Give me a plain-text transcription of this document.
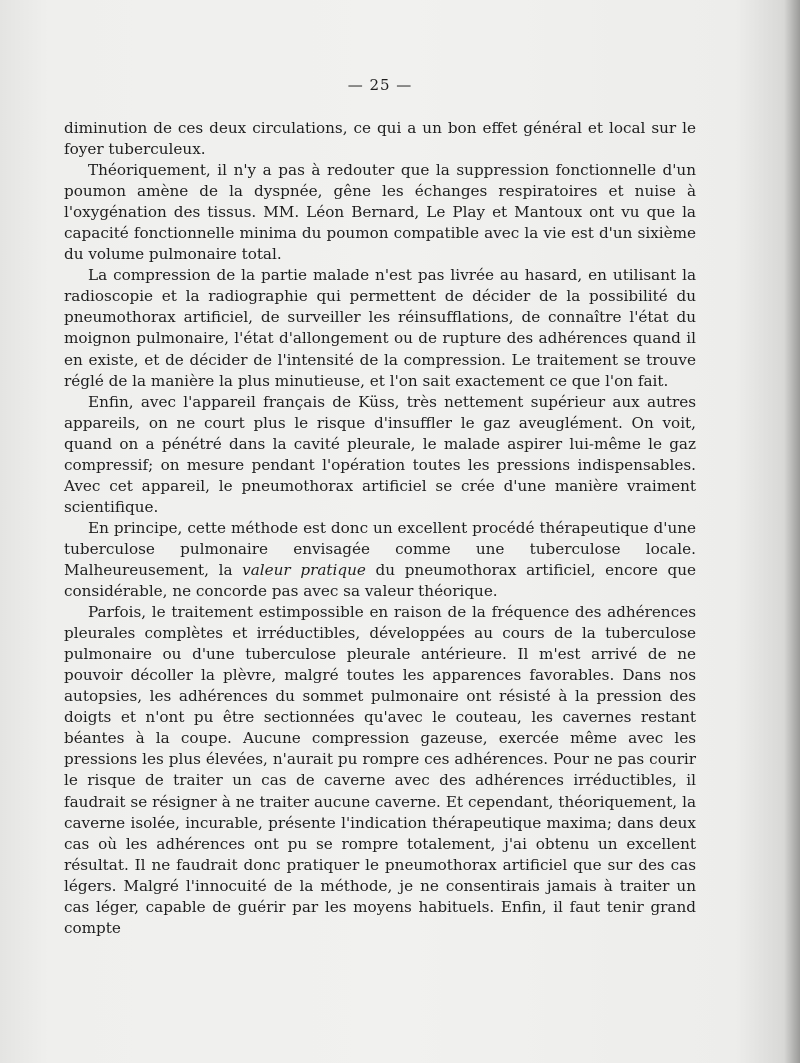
— 25 —

diminution de ces deux circulations, ce qui a un bon effet général et local sur le foyer tuberculeux.

Théoriquement, il n'y a pas à redouter que la suppression fonctionnelle d'un poumon amène de la dyspnée, gêne les échanges respiratoires et nuise à l'oxygénation des tissus. MM. Léon Bernard, Le Play et Mantoux ont vu que la capacité fonctionnelle minima du poumon compatible avec la vie est d'un sixième du volume pulmonaire total.

La compression de la partie malade n'est pas livrée au hasard, en utilisant la radioscopie et la radiographie qui permettent de décider de la possibilité du pneumothorax artificiel, de surveiller les réinsufflations, de connaître l'état du moignon pulmonaire, l'état d'allongement ou de rupture des adhérences quand il en existe, et de décider de l'intensité de la compression. Le traitement se trouve réglé de la manière la plus minutieuse, et l'on sait exactement ce que l'on fait.

Enfin, avec l'appareil français de Küss, très nettement supérieur aux autres appareils, on ne court plus le risque d'insuffler le gaz aveuglément. On voit, quand on a pénétré dans la cavité pleurale, le malade aspirer lui-même le gaz compressif; on mesure pendant l'opération toutes les pressions indispensables. Avec cet appareil, le pneumothorax artificiel se crée d'une manière vraiment scientifique.

En principe, cette méthode est donc un excellent procédé thérapeutique d'une tuberculose pulmonaire envisagée comme une tuberculose locale. Malheureusement, la valeur pratique du pneumothorax artificiel, encore que considérable, ne concorde pas avec sa valeur théorique.

Parfois, le traitement estimpossible en raison de la fréquence des adhérences pleurales complètes et irréductibles, développées au cours de la tuberculose pulmonaire ou d'une tuberculose pleurale antérieure. Il m'est arrivé de ne pouvoir décoller la plèvre, malgré toutes les apparences favorables. Dans nos autopsies, les adhérences du sommet pulmonaire ont résisté à la pression des doigts et n'ont pu être sectionnées qu'avec le couteau, les cavernes restant béantes à la coupe. Aucune compression gazeuse, exercée même avec les pressions les plus élevées, n'aurait pu rompre ces adhérences. Pour ne pas courir le risque de traiter un cas de caverne avec des adhérences irréductibles, il faudrait se résigner à ne traiter aucune caverne. Et cependant, théoriquement, la caverne isolée, incurable, présente l'indication thérapeutique maxima; dans deux cas où les adhérences ont pu se rompre totalement, j'ai obtenu un excellent résultat. Il ne faudrait donc pratiquer le pneumothorax artificiel que sur des cas légers. Malgré l'innocuité de la méthode, je ne consentirais jamais à traiter un cas léger, capable de guérir par les moyens habituels. Enfin, il faut tenir grand compte
